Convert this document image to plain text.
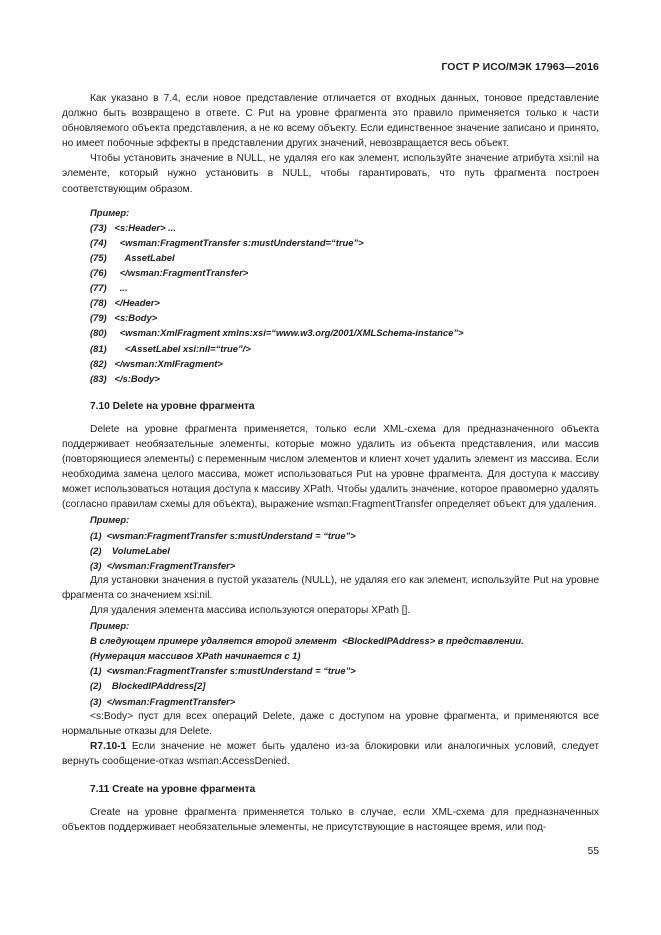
ГОСТ Р ИСО/МЭК 17963—2016

Как указано в 7.4, если новое представление отличается от входных данных, тоновое представление должно быть возвращено в ответе. С Put на уровне фрагмента это правило применяется только к части обновляемого объекта представления, а не ко всему объекту. Если единственное значение записано и принято, но имеет побочные эффекты в представлении других значений, невозвращается весь объект.

Чтобы установить значение в NULL, не удаляя его как элемент, используйте значение атрибута xsi:nil на элементе, который нужно установить в NULL, чтобы гарантировать, что путь фрагмента построен соответствующим образом.

Пример:
(73)   <s:Header> ...
(74)     <wsman:FragmentTransfer s:mustUnderstand=“true”>
(75)       AssetLabel
(76)     </wsman:FragmentTransfer>
(77)     ...
(78)   </Header>
(79)   <s:Body>
(80)     <wsman:XmlFragment xmlns:xsi=“www.w3.org/2001/XMLSchema-instance”>
(81)       <AssetLabel xsi:nil=“true”/>
(82)   </wsman:XmlFragment>
(83)   </s:Body>
7.10 Delete на уровне фрагмента

Delete на уровне фрагмента применяется, только если XML-схема для предназначенного объекта поддерживает необязательные элементы, которые можно удалить из объекта представления, или массив (повторяющиеся элементы) с переменным числом элементов и клиент хочет удалить элемент из массива. Если необходима замена целого массива, может использоваться Put на уровне фрагмента. Для доступа к массиву может использоваться нотация доступа к массиву XPath. Чтобы удалить значение, которое правомерно удалять (согласно правилам схемы для объекта), выражение wsman:FragmentTransfer определяет объект для удаления.

Пример:
(1)  <wsman:FragmentTransfer s:mustUnderstand = “true”>
(2)    VolumeLabel
(3)  </wsman:FragmentTransfer>

Для установки значения в пустой указатель (NULL), не удаляя его как элемент, используйте Put на уровне фрагмента со значением xsi:nil.

Для удаления элемента массива используются операторы XPath [].

Пример:
В следующем примере удаляется второй элемент  <BlockedIPAddress> в представлении.
(Нумерация массивов XPath начинается с 1)
(1)  <wsman:FragmentTransfer s:mustUnderstand = “true”>
(2)    BlockedIPAddress[2]
(3)  </wsman:FragmentTransfer>

<s:Body> пуст для всех операций Delete, даже с доступом на уровне фрагмента, и применяются все нормальные отказы для Delete.

R7.10-1 Если значение не может быть удалено из-за блокировки или аналогичных условий, следует вернуть сообщение-отказ wsman:AccessDenied.

7.11 Create на уровне фрагмента

Create на уровне фрагмента применяется только в случае, если XML-схема для предназначенных объектов поддерживает необязательные элементы, не присутствующие в настоящее время, или под-

55
